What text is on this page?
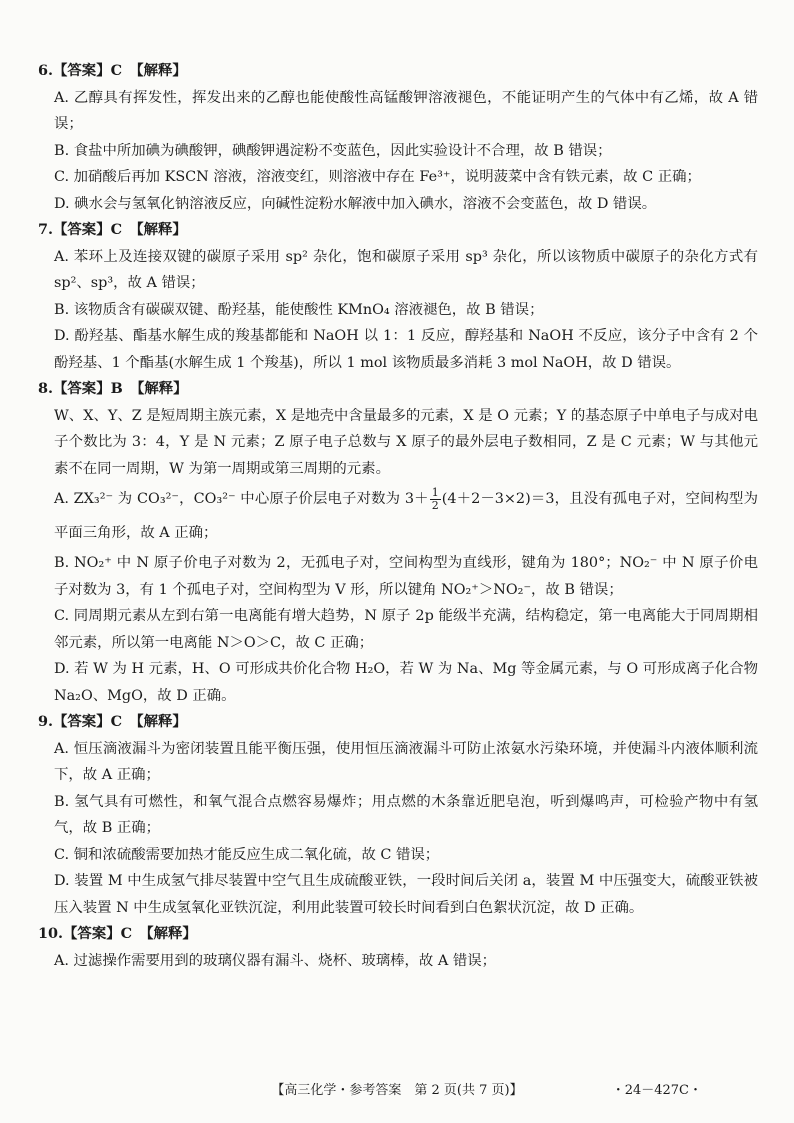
6.【答案】C　【解释】
A. 乙醇具有挥发性，挥发出来的乙醇也能使酸性高锰酸钾溶液褪色，不能证明产生的气体中有乙烯，故 A 错误；
B. 食盐中所加碘为碘酸钾，碘酸钾遇淀粉不变蓝色，因此实验设计不合理，故 B 错误；
C. 加硝酸后再加 KSCN 溶液，溶液变红，则溶液中存在 Fe³⁺，说明菠菜中含有铁元素，故 C 正确；
D. 碘水会与氢氧化钠溶液反应，向碱性淀粉水解液中加入碘水，溶液不会变蓝色，故 D 错误。
7.【答案】C　【解释】
A. 苯环上及连接双键的碳原子采用 sp² 杂化，饱和碳原子采用 sp³ 杂化，所以该物质中碳原子的杂化方式有 sp²、sp³，故 A 错误；
B. 该物质含有碳碳双键、酚羟基，能使酸性 KMnO₄ 溶液褪色，故 B 错误；
D. 酚羟基、酯基水解生成的羧基都能和 NaOH 以 1：1 反应，醇羟基和 NaOH 不反应，该分子中含有 2 个酚羟基、1 个酯基(水解生成 1 个羧基)，所以 1 mol 该物质最多消耗 3 mol NaOH，故 D 错误。
8.【答案】B　【解释】
W、X、Y、Z 是短周期主族元素，X 是地壳中含量最多的元素，X 是 O 元素；Y 的基态原子中单电子与成对电子个数比为 3：4，Y 是 N 元素；Z 原子电子总数与 X 原子的最外层电子数相同，Z 是 C 元素；W 与其他元素不在同一周期，W 为第一周期或第三周期的元素。
A. ZX₃²⁻ 为 CO₃²⁻，CO₃²⁻ 中心原子价层电子对数为 $3+ \frac{1}{2} (4+2-3\times 2)=3$，且没有孤电子对，空间构型为平面三角形，故 A 正确；
B. NO₂⁺ 中 N 原子价电子对数为 2，无孤电子对，空间构型为直线形，键角为 180°；NO₂⁻ 中 N 原子价电子对数为 3，有 1 个孤电子对，空间构型为 V 形，所以键角 NO₂⁺＞NO₂⁻，故 B 错误；
C. 同周期元素从左到右第一电离能有增大趋势，N 原子 2p 能级半充满，结构稳定，第一电离能大于同周期相邻元素，所以第一电离能 N＞O＞C，故 C 正确；
D. 若 W 为 H 元素，H、O 可形成共价化合物 H₂O，若 W 为 Na、Mg 等金属元素，与 O 可形成离子化合物 Na₂O、MgO，故 D 正确。
9.【答案】C　【解释】
A. 恒压滴液漏斗为密闭装置且能平衡压强，使用恒压滴液漏斗可防止浓氨水污染环境，并使漏斗内液体顺利流下，故 A 正确；
B. 氢气具有可燃性，和氧气混合点燃容易爆炸；用点燃的木条靠近肥皂泡，听到爆鸣声，可检验产物中有氢气，故 B 正确；
C. 铜和浓硫酸需要加热才能反应生成二氧化硫，故 C 错误；
D. 装置 M 中生成氢气排尽装置中空气且生成硫酸亚铁，一段时间后关闭 a，装置 M 中压强变大，硫酸亚铁被压入装置 N 中生成氢氧化亚铁沉淀，利用此装置可较长时间看到白色絮状沉淀，故 D 正确。
10.【答案】C　【解释】
A. 过滤操作需要用到的玻璃仪器有漏斗、烧杯、玻璃棒，故 A 错误；
【高三化学・参考答案　第 2 页(共 7 页)】	・24－427C・
